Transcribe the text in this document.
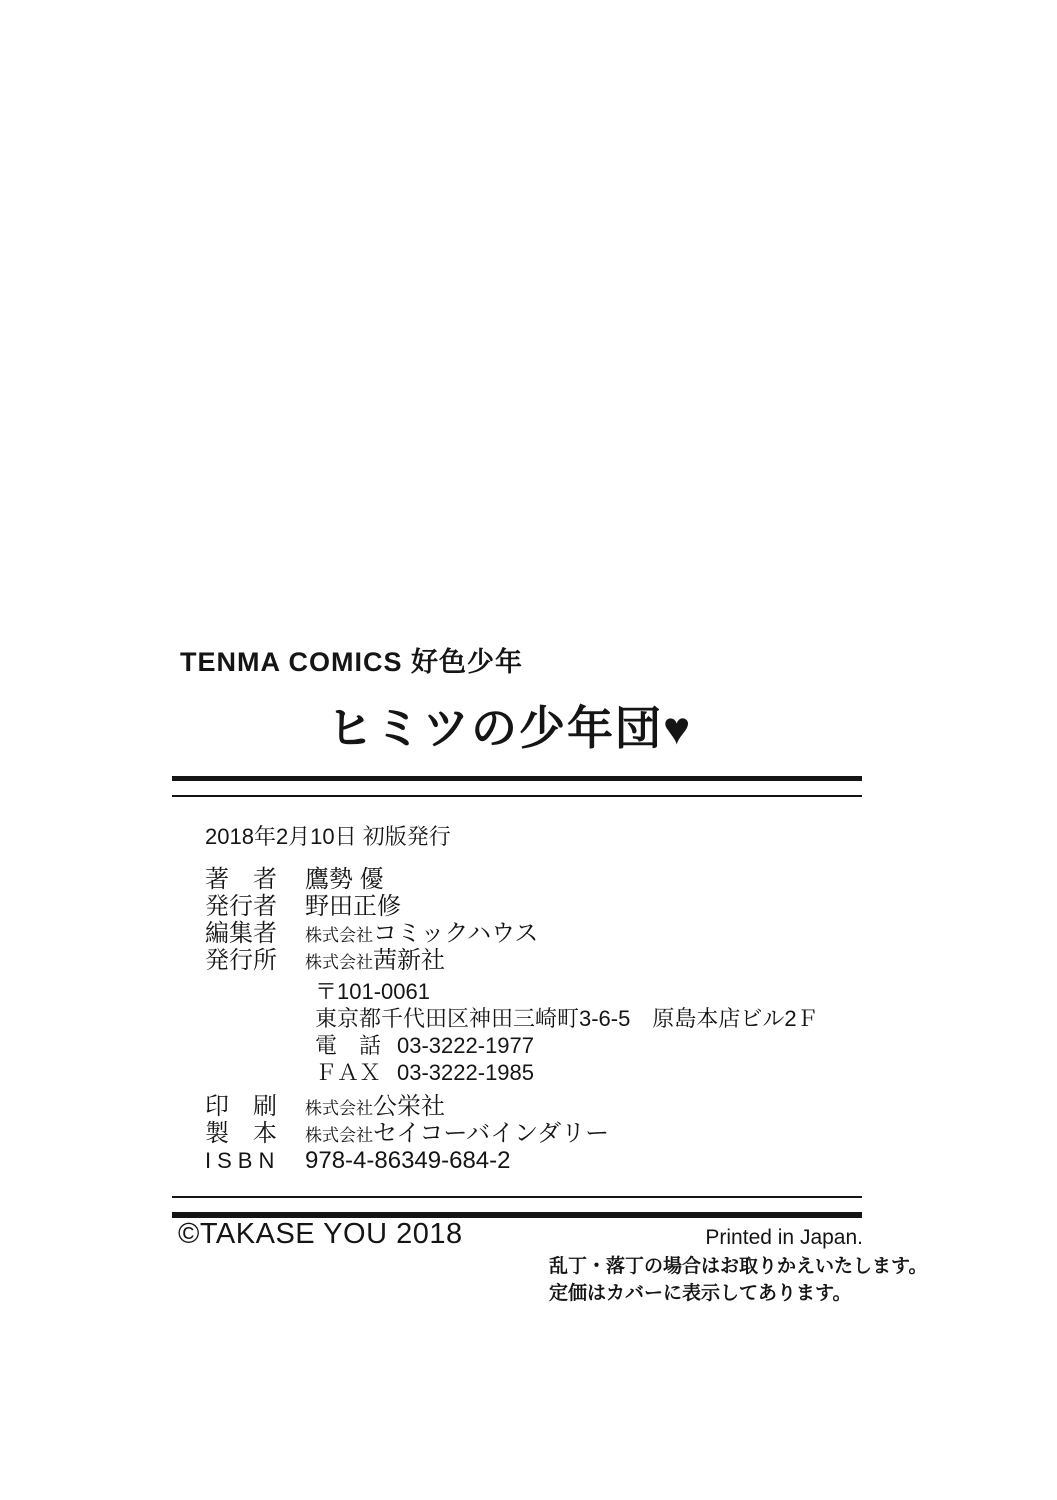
TENMA COMICS 好色少年
ヒミツの少年団♥
2018年2月10日 初版発行
著　者 鷹勢 優
発行者 野田正修
編集者 株式会社コミックハウス
発行所 株式会社茜新社
〒101-0061
東京都千代田区神田三崎町3-6-5　原島本店ビル2Ｆ
電　話 03-3222-1977
ＦＡＸ 03-3222-1985
印　刷 株式会社公栄社
製　本 株式会社セイコーバインダリー
ISBN 978-4-86349-684-2
©TAKASE YOU 2018	Printed in Japan.
乱丁・落丁の場合はお取りかえいたします。
定価はカバーに表示してあります。
